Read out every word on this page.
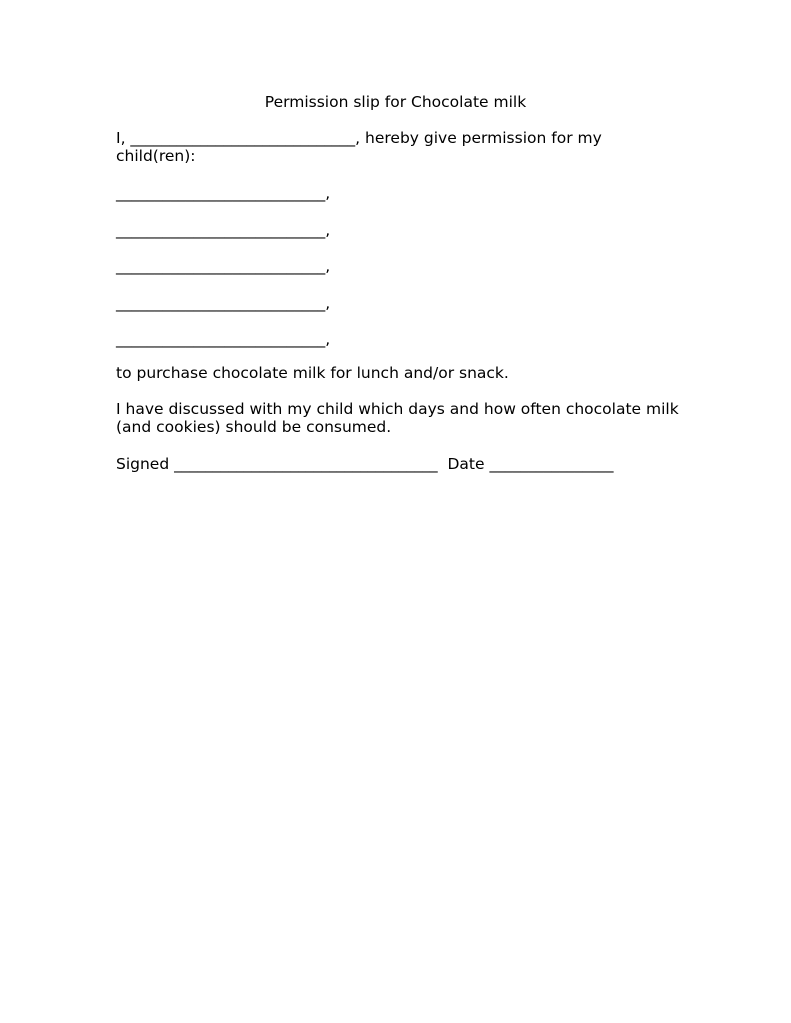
Permission slip for Chocolate milk
I, _____________________________, hereby give permission for my
child(ren):
___________________________,
___________________________,
___________________________,
___________________________,
___________________________,
to purchase chocolate milk for lunch and/or snack.
I have discussed with my child which days and how often chocolate milk
(and cookies) should be consumed.
Signed __________________________________  Date ________________
